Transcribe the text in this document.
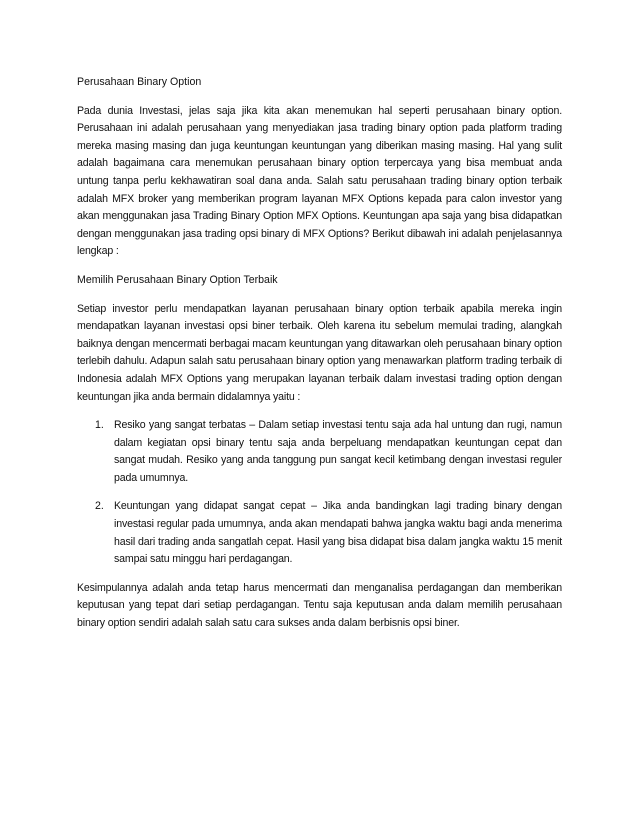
Perusahaan Binary Option

Pada dunia Investasi, jelas saja jika kita akan menemukan hal seperti perusahaan binary option. Perusahaan ini adalah perusahaan yang menyediakan jasa trading binary option pada platform trading mereka masing masing dan juga keuntungan keuntungan yang diberikan masing masing. Hal yang sulit adalah bagaimana cara menemukan perusahaan binary option terpercaya yang bisa membuat anda untung tanpa perlu kekhawatiran soal dana anda. Salah satu perusahaan trading binary option terbaik adalah MFX broker yang memberikan program layanan MFX Options kepada para calon investor yang akan menggunakan jasa Trading Binary Option MFX Options. Keuntungan apa saja yang bisa didapatkan dengan menggunakan jasa trading opsi binary di MFX Options? Berikut dibawah ini adalah penjelasannya lengkap :

Memilih Perusahaan Binary Option Terbaik

Setiap investor perlu mendapatkan layanan perusahaan binary option terbaik apabila mereka ingin mendapatkan layanan investasi opsi biner terbaik. Oleh karena itu sebelum memulai trading, alangkah baiknya dengan mencermati berbagai macam keuntungan yang ditawarkan oleh perusahaan binary option terlebih dahulu. Adapun salah satu perusahaan binary option yang menawarkan platform trading terbaik di Indonesia adalah MFX Options yang merupakan layanan terbaik dalam investasi trading option dengan keuntungan jika anda bermain didalamnya yaitu :

1. Resiko yang sangat terbatas – Dalam setiap investasi tentu saja ada hal untung dan rugi, namun dalam kegiatan opsi binary tentu saja anda berpeluang mendapatkan keuntungan cepat dan sangat mudah. Resiko yang anda tanggung pun sangat kecil ketimbang dengan investasi reguler pada umumnya.
2. Keuntungan yang didapat sangat cepat – Jika anda bandingkan lagi trading binary dengan investasi regular pada umumnya, anda akan mendapati bahwa jangka waktu bagi anda menerima hasil dari trading anda sangatlah cepat. Hasil yang bisa didapat bisa dalam jangka waktu 15 menit sampai satu minggu hari perdagangan.

Kesimpulannya adalah anda tetap harus mencermati dan menganalisa perdagangan dan memberikan keputusan yang tepat dari setiap perdagangan. Tentu saja keputusan anda dalam memilih perusahaan binary option sendiri adalah salah satu cara sukses anda dalam berbisnis opsi biner.
